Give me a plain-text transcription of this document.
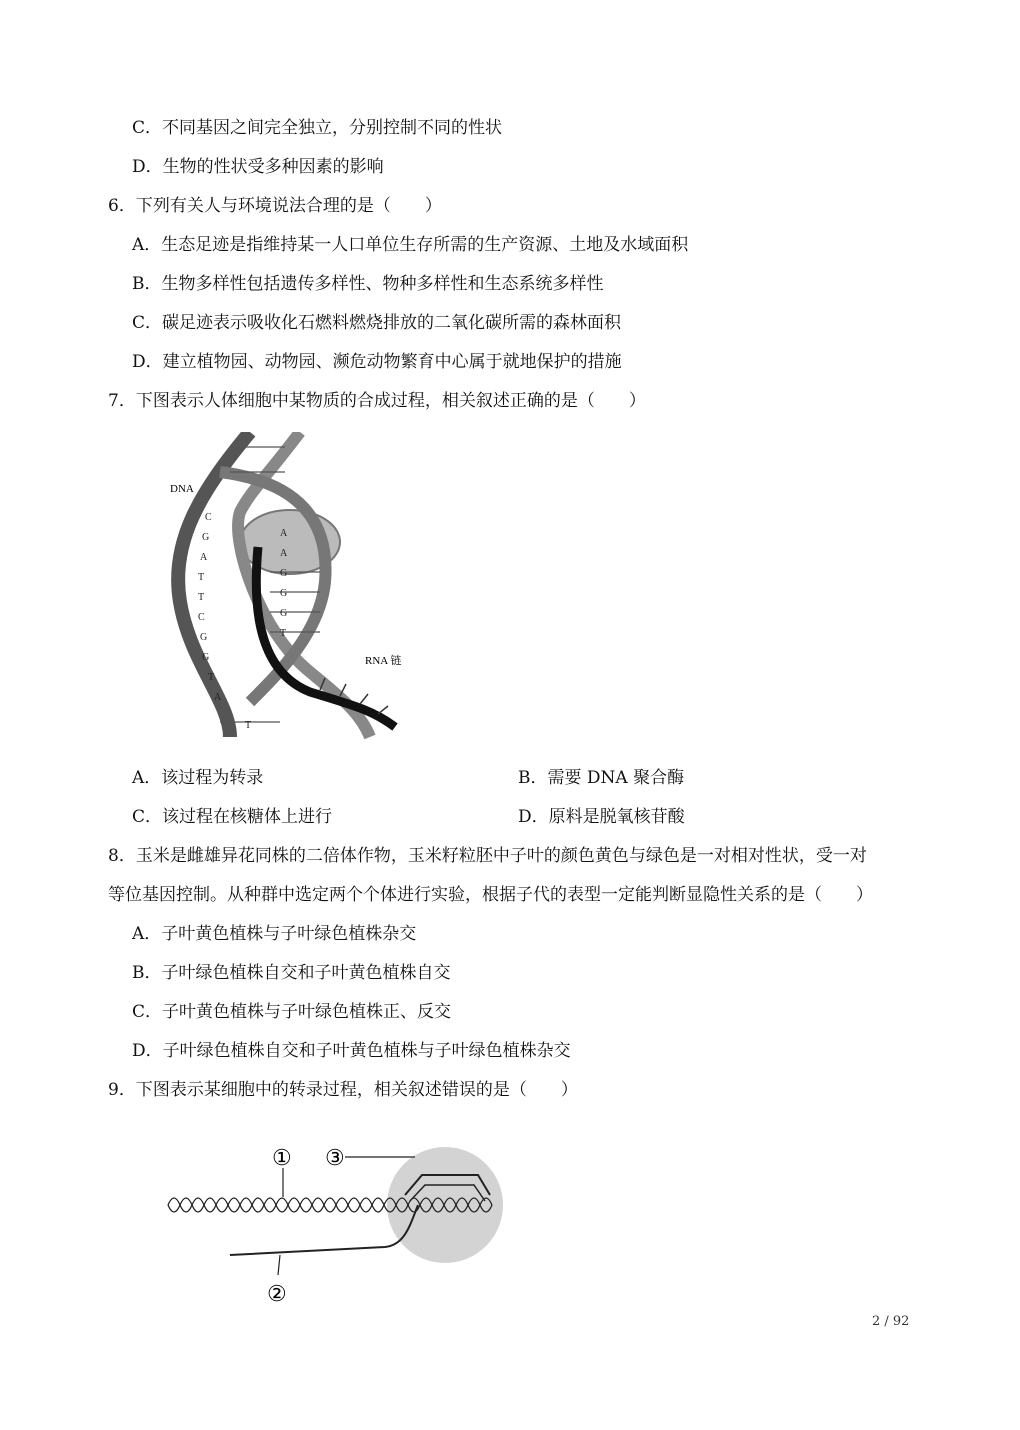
C．不同基因之间完全独立，分别控制不同的性状
D．生物的性状受多种因素的影响
6．下列有关人与环境说法合理的是（　　）
A．生态足迹是指维持某一人口单位生存所需的生产资源、土地及水域面积
B．生物多样性包括遗传多样性、物种多样性和生态系统多样性
C．碳足迹表示吸收化石燃料燃烧排放的二氧化碳所需的森林面积
D．建立植物园、动物园、濒危动物繁育中心属于就地保护的措施
7．下图表示人体细胞中某物质的合成过程，相关叙述正确的是（　　）
DNA
RNA 链
C
G
A
T
T
C
G
G
T
A
A
A
G
G
G
T
T
A．该过程为转录	B．需要 DNA 聚合酶
C．该过程在核糖体上进行	D．原料是脱氧核苷酸
8．玉米是雌雄异花同株的二倍体作物，玉米籽粒胚中子叶的颜色黄色与绿色是一对相对性状，受一对
等位基因控制。从种群中选定两个个体进行实验，根据子代的表型一定能判断显隐性关系的是（　　）
A．子叶黄色植株与子叶绿色植株杂交
B．子叶绿色植株自交和子叶黄色植株自交
C．子叶黄色植株与子叶绿色植株正、反交
D．子叶绿色植株自交和子叶黄色植株与子叶绿色植株杂交
9．下图表示某细胞中的转录过程，相关叙述错误的是（　　）
① ③
②
2 / 92
